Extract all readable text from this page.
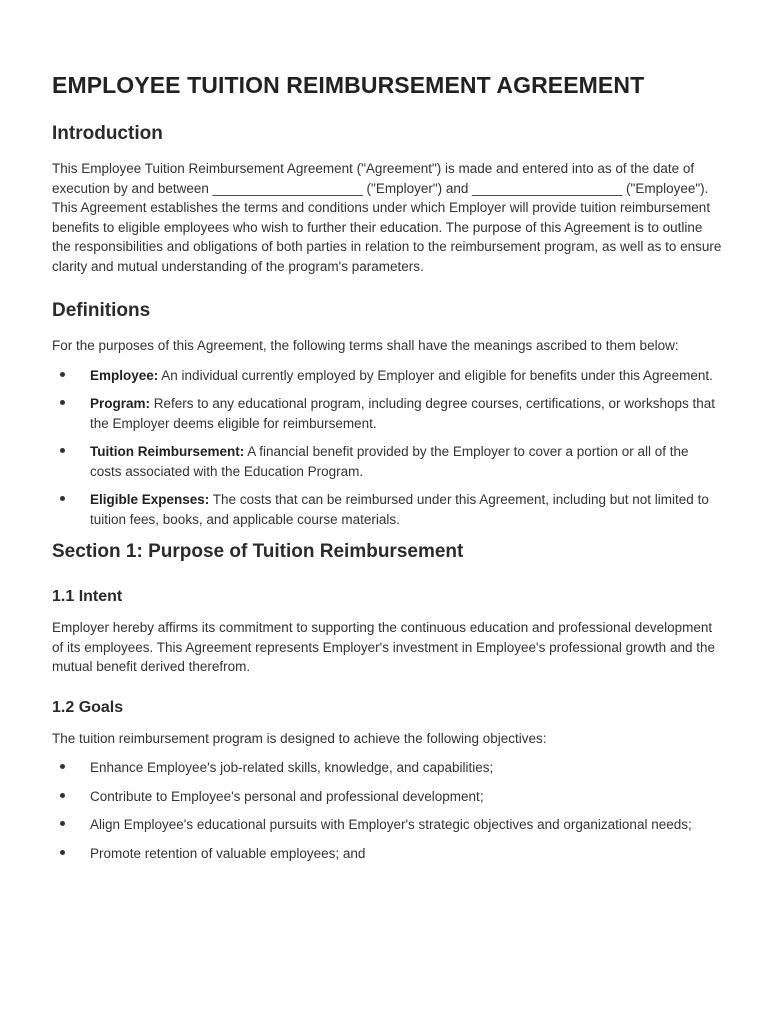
EMPLOYEE TUITION REIMBURSEMENT AGREEMENT
Introduction

This Employee Tuition Reimbursement Agreement ("Agreement") is made and entered into as of the date of execution by and between ____________________ ("Employer") and ____________________ ("Employee"). This Agreement establishes the terms and conditions under which Employer will provide tuition reimbursement benefits to eligible employees who wish to further their education. The purpose of this Agreement is to outline the responsibilities and obligations of both parties in relation to the reimbursement program, as well as to ensure clarity and mutual understanding of the program's parameters.

Definitions

For the purposes of this Agreement, the following terms shall have the meanings ascribed to them below:

Employee: An individual currently employed by Employer and eligible for benefits under this Agreement.
Program: Refers to any educational program, including degree courses, certifications, or workshops that the Employer deems eligible for reimbursement.
Tuition Reimbursement: A financial benefit provided by the Employer to cover a portion or all of the costs associated with the Education Program.
Eligible Expenses: The costs that can be reimbursed under this Agreement, including but not limited to tuition fees, books, and applicable course materials.
Section 1: Purpose of Tuition Reimbursement
1.1 Intent

Employer hereby affirms its commitment to supporting the continuous education and professional development of its employees. This Agreement represents Employer's investment in Employee's professional growth and the mutual benefit derived therefrom.

1.2 Goals

The tuition reimbursement program is designed to achieve the following objectives:

Enhance Employee's job-related skills, knowledge, and capabilities;
Contribute to Employee's personal and professional development;
Align Employee's educational pursuits with Employer's strategic objectives and organizational needs;
Promote retention of valuable employees; and
